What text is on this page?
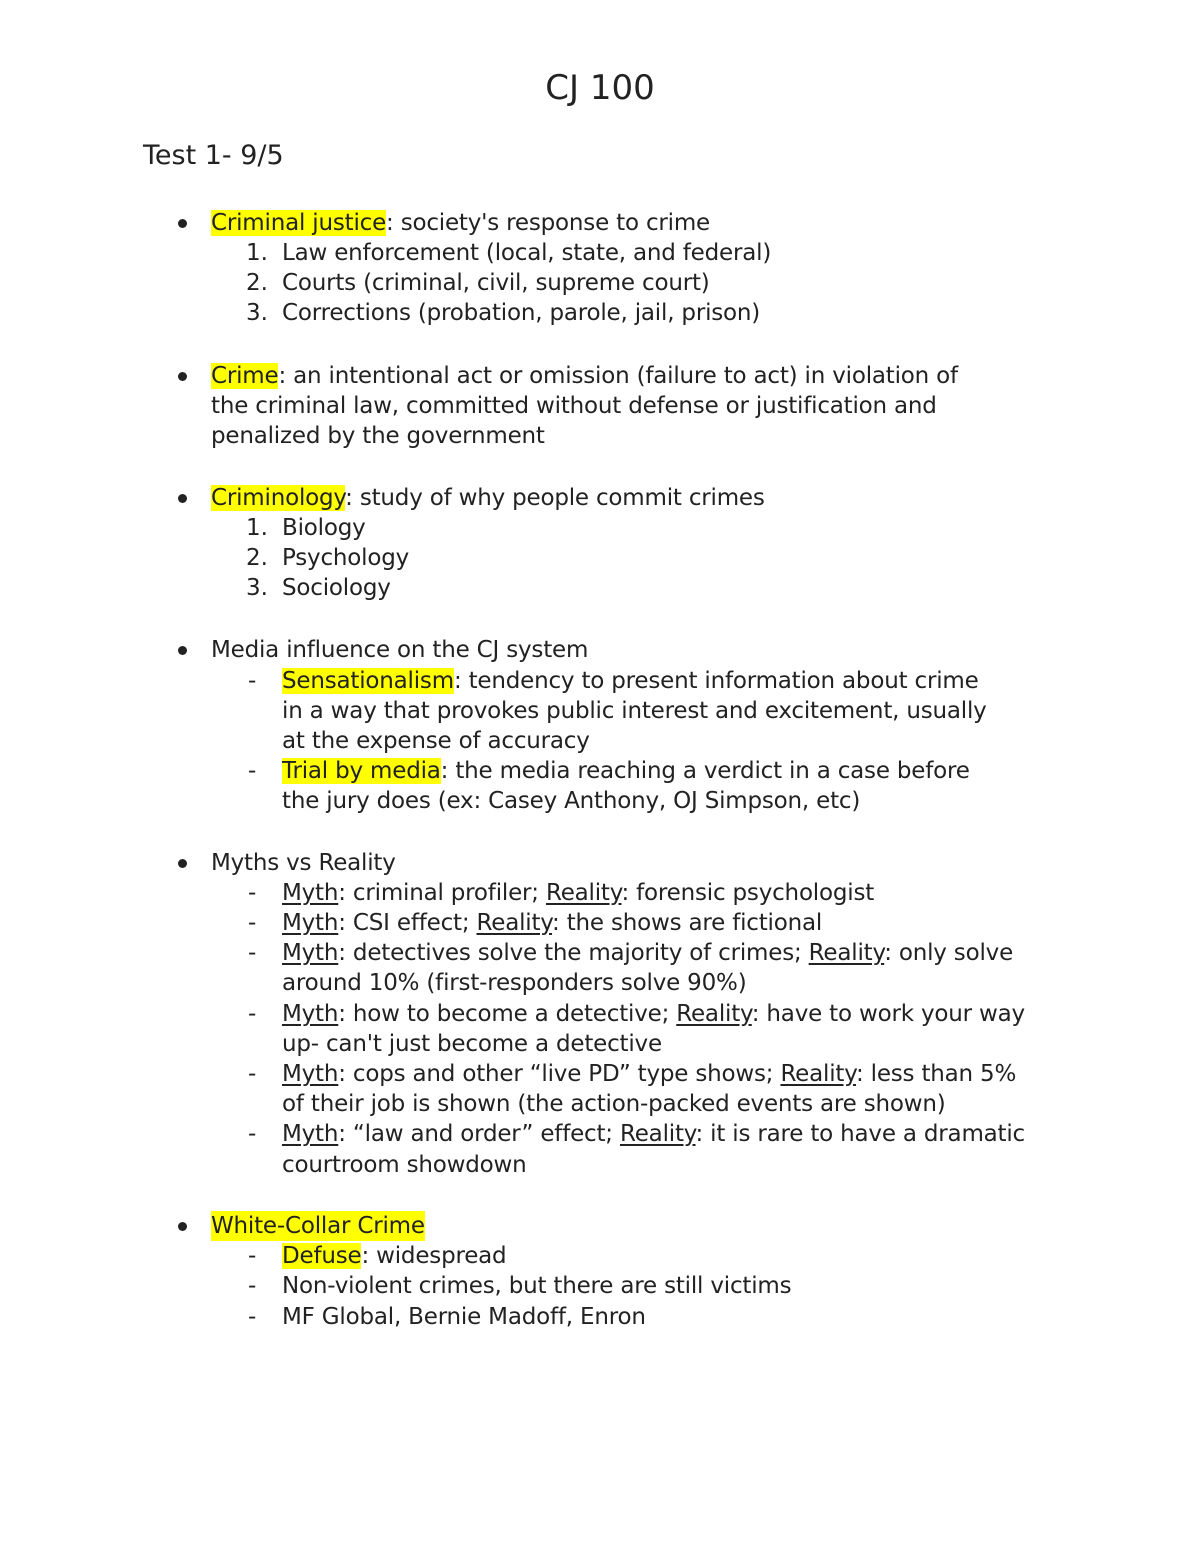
CJ 100
Test 1- 9/5
Criminal justice: society's response to crime
1. Law enforcement (local, state, and federal)
2. Courts (criminal, civil, supreme court)
3. Corrections (probation, parole, jail, prison)
Crime: an intentional act or omission (failure to act) in violation of
the criminal law, committed without defense or justification and
penalized by the government
Criminology: study of why people commit crimes
1. Biology
2. Psychology
3. Sociology
Media influence on the CJ system
- Sensationalism: tendency to present information about crime
in a way that provokes public interest and excitement, usually
at the expense of accuracy
- Trial by media: the media reaching a verdict in a case before
the jury does (ex: Casey Anthony, OJ Simpson, etc)
Myths vs Reality
- Myth: criminal profiler; Reality: forensic psychologist
- Myth: CSI effect; Reality: the shows are fictional
- Myth: detectives solve the majority of crimes; Reality: only solve
around 10% (first-responders solve 90%)
- Myth: how to become a detective; Reality: have to work your way
up- can't just become a detective
- Myth: cops and other “live PD” type shows; Reality: less than 5%
of their job is shown (the action-packed events are shown)
- Myth: “law and order” effect; Reality: it is rare to have a dramatic
courtroom showdown
White-Collar Crime
- Defuse: widespread
- Non-violent crimes, but there are still victims
- MF Global, Bernie Madoff, Enron
